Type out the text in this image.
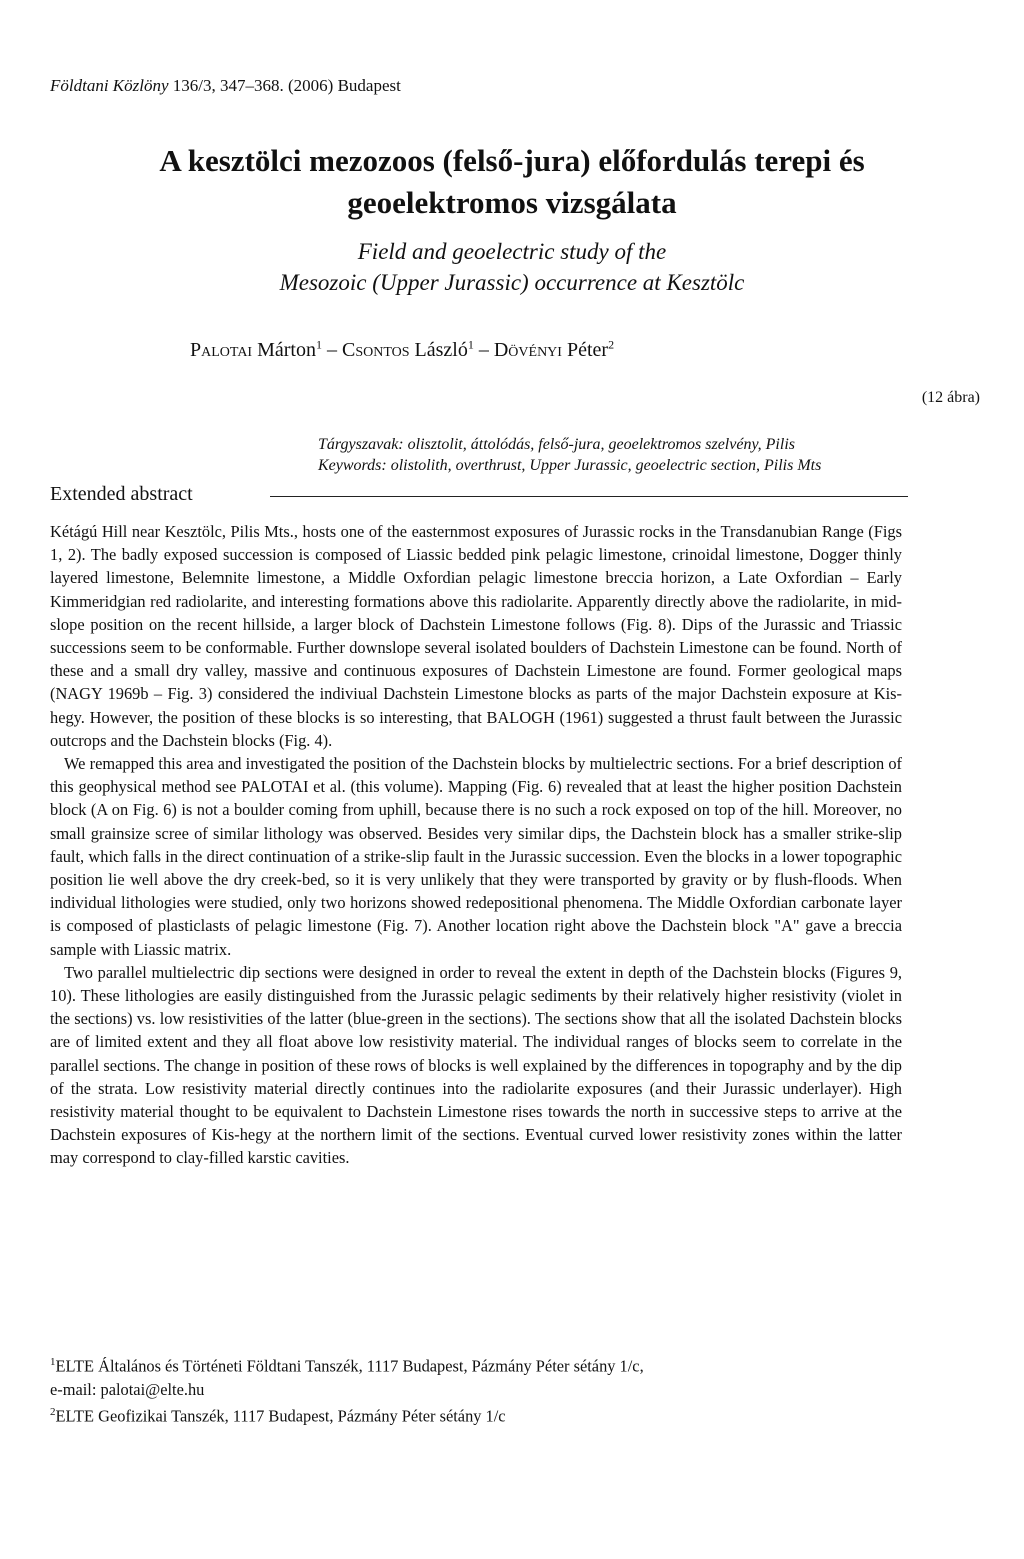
Földtani Közlöny 136/3, 347–368. (2006) Budapest
A kesztölci mezozoos (felső-jura) előfordulás terepi és
geoelektromos vizsgálata
Field and geoelectric study of the
Mesozoic (Upper Jurassic) occurrence at Kesztölc
Palotai Márton$^1$ – Csontos László$^1$ – Dövényi Péter$^2$
(12 ábra)
Tárgyszavak: olisztolit, áttolódás, felső-jura, geoelektromos szelvény, Pilis
Keywords: olistolith, overthrust, Upper Jurassic, geoelectric section, Pilis Mts
Extended abstract

Kétágú Hill near Kesztölc, Pilis Mts., hosts one of the easternmost exposures of Jurassic rocks in the Transdanubian Range (Figs 1, 2). The badly exposed succession is composed of Liassic bedded pink pelagic limestone, crinoidal limestone, Dogger thinly layered limestone, Belemnite limestone, a Middle Oxfordian pelagic limestone breccia horizon, a Late Oxfordian – Early Kimmeridgian red radiolarite, and interesting formations above this radiolarite. Apparently directly above the radiolarite, in mid-slope position on the recent hillside, a larger block of Dachstein Limestone follows (Fig. 8). Dips of the Jurassic and Triassic successions seem to be conformable. Further downslope several isolated boulders of Dachstein Limestone can be found. North of these and a small dry valley, massive and continuous exposures of Dachstein Limestone are found. Former geological maps (NAGY 1969b – Fig. 3) considered the indiviual Dachstein Limestone blocks as parts of the major Dachstein exposure at Kis-hegy. However, the position of these blocks is so interesting, that BALOGH (1961) suggested a thrust fault between the Jurassic outcrops and the Dachstein blocks (Fig. 4).

We remapped this area and investigated the position of the Dachstein blocks by multielectric sections. For a brief description of this geophysical method see PALOTAI et al. (this volume). Mapping (Fig. 6) revealed that at least the higher position Dachstein block (A on Fig. 6) is not a boulder coming from uphill, because there is no such a rock exposed on top of the hill. Moreover, no small grainsize scree of similar lithology was observed. Besides very similar dips, the Dachstein block has a smaller strike-slip fault, which falls in the direct continuation of a strike-slip fault in the Jurassic succession. Even the blocks in a lower topographic position lie well above the dry creek-bed, so it is very unlikely that they were transported by gravity or by flush-floods. When individual lithologies were studied, only two horizons showed redepositional phenomena. The Middle Oxfordian carbonate layer is composed of plasticlasts of pelagic limestone (Fig. 7). Another location right above the Dachstein block "A" gave a breccia sample with Liassic matrix.

Two parallel multielectric dip sections were designed in order to reveal the extent in depth of the Dachstein blocks (Figures 9, 10). These lithologies are easily distinguished from the Jurassic pelagic sediments by their relatively higher resistivity (violet in the sections) vs. low resistivities of the latter (blue-green in the sections). The sections show that all the isolated Dachstein blocks are of limited extent and they all float above low resistivity material. The individual ranges of blocks seem to correlate in the parallel sections. The change in position of these rows of blocks is well explained by the differences in topography and by the dip of the strata. Low resistivity material directly continues into the radiolarite exposures (and their Jurassic underlayer). High resistivity material thought to be equivalent to Dachstein Limestone rises towards the north in successive steps to arrive at the Dachstein exposures of Kis-hegy at the northern limit of the sections. Eventual curved lower resistivity zones within the latter may correspond to clay-filled karstic cavities.

$^1$ELTE Általános és Történeti Földtani Tanszék, 1117 Budapest, Pázmány Péter sétány 1/c,
e-mail: palotai@elte.hu
$^2$ELTE Geofizikai Tanszék, 1117 Budapest, Pázmány Péter sétány 1/c
